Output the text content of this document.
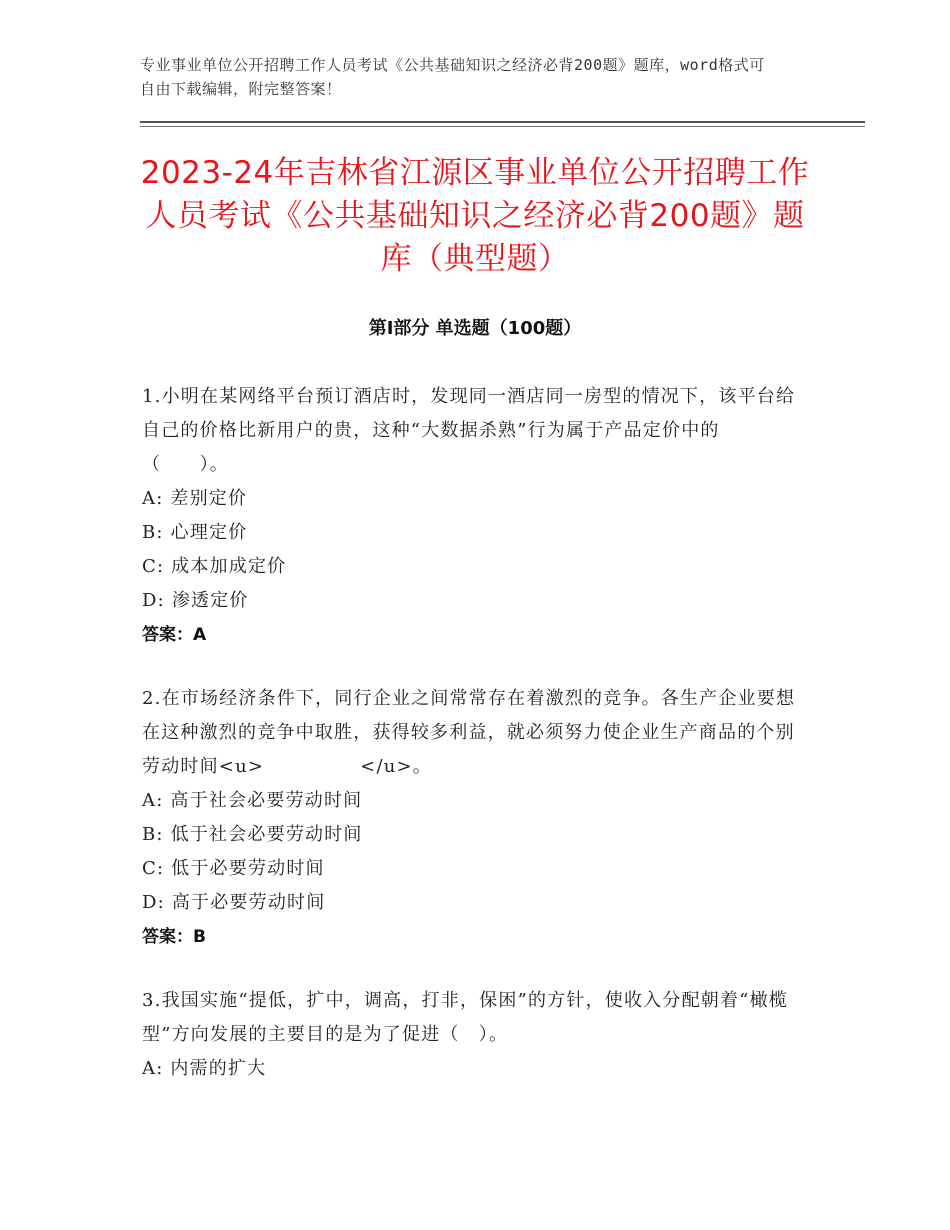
专业事业单位公开招聘工作人员考试《公共基础知识之经济必背200题》题库，word格式可自由下载编辑，附完整答案！
2023-24年吉林省江源区事业单位公开招聘工作人员考试《公共基础知识之经济必背200题》题库（典型题）
第Ⅰ部分 单选题（100题）
1.小明在某网络平台预订酒店时，发现同一酒店同一房型的情况下，该平台给自己的价格比新用户的贵，这种“大数据杀熟”行为属于产品定价中的（　　）。
A: 差别定价
B: 心理定价
C: 成本加成定价
D: 渗透定价
答案：A
2.在市场经济条件下，同行企业之间常常存在着激烈的竞争。各生产企业要想在这种激烈的竞争中取胜，获得较多利益，就必须努力使企业生产商品的个别劳动时间<u>　　　　　</u>。
A: 高于社会必要劳动时间
B: 低于社会必要劳动时间
C: 低于必要劳动时间
D: 高于必要劳动时间
答案：B
3.我国实施“提低，扩中，调高，打非，保困”的方针，使收入分配朝着“橄榄型”方向发展的主要目的是为了促进（　）。
A: 内需的扩大
